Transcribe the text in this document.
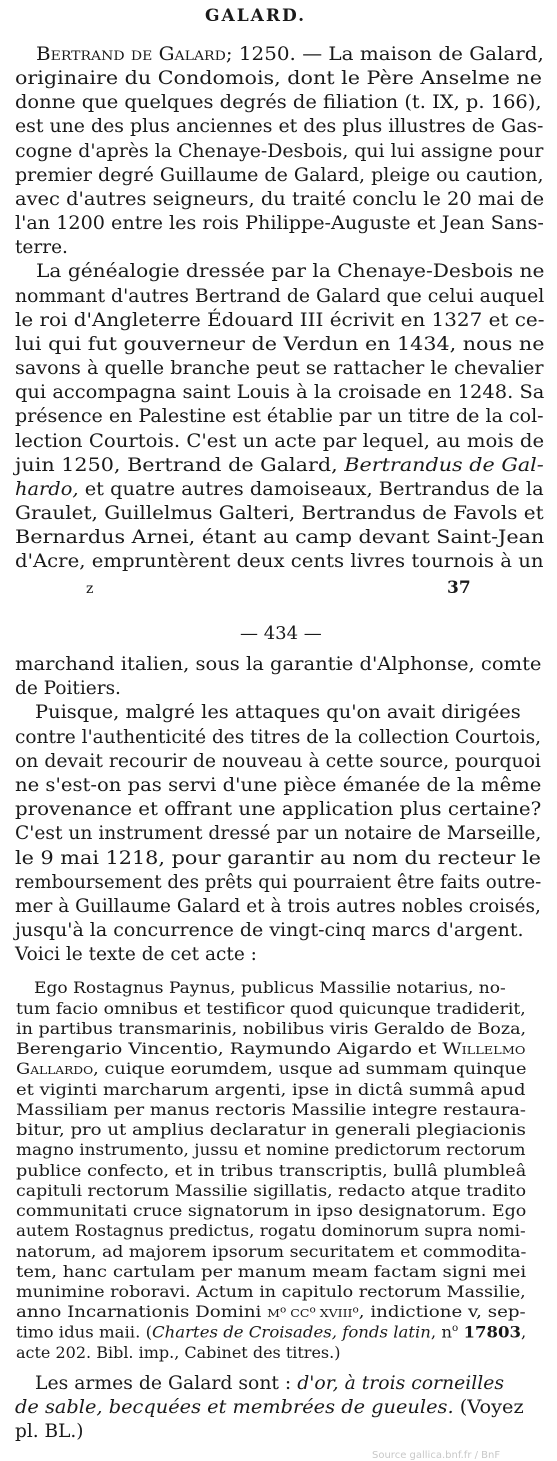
GALARD.
Bertrand de Galard; 1250. — La maison de Galard,
originaire du Condomois, dont le Père Anselme ne
donne que quelques degrés de filiation (t. IX, p. 166),
est une des plus anciennes et des plus illustres de Gas-
cogne d'après la Chenaye-Desbois, qui lui assigne pour
premier degré Guillaume de Galard, pleige ou caution,
avec d'autres seigneurs, du traité conclu le 20 mai de
l'an 1200 entre les rois Philippe-Auguste et Jean Sans-
terre.
La généalogie dressée par la Chenaye-Desbois ne
nommant d'autres Bertrand de Galard que celui auquel
le roi d'Angleterre Édouard III écrivit en 1327 et ce-
lui qui fut gouverneur de Verdun en 1434, nous ne
savons à quelle branche peut se rattacher le chevalier
qui accompagna saint Louis à la croisade en 1248. Sa
présence en Palestine est établie par un titre de la col-
lection Courtois. C'est un acte par lequel, au mois de
juin 1250, Bertrand de Galard, Bertrandus de Gal-
hardo, et quatre autres damoiseaux, Bertrandus de la
Graulet, Guillelmus Galteri, Bertrandus de Favols et
Bernardus Arnei, étant au camp devant Saint-Jean
d'Acre, empruntèrent deux cents livres tournois à un
z	37
— 434 —
marchand italien, sous la garantie d'Alphonse, comte
de Poitiers.
Puisque, malgré les attaques qu'on avait dirigées
contre l'authenticité des titres de la collection Courtois,
on devait recourir de nouveau à cette source, pourquoi
ne s'est-on pas servi d'une pièce émanée de la même
provenance et offrant une application plus certaine?
C'est un instrument dressé par un notaire de Marseille,
le 9 mai 1218, pour garantir au nom du recteur le
remboursement des prêts qui pourraient être faits outre-
mer à Guillaume Galard et à trois autres nobles croisés,
jusqu'à la concurrence de vingt-cinq marcs d'argent.
Voici le texte de cet acte :
Ego Rostagnus Paynus, publicus Massilie notarius, no-
tum facio omnibus et testificor quod quicunque tradiderit,
in partibus transmarinis, nobilibus viris Geraldo de Boza,
Berengario Vincentio, Raymundo Aigardo et Willelmo
Gallardo, cuique eorumdem, usque ad summam quinque
et viginti marcharum argenti, ipse in dictâ summâ apud
Massiliam per manus rectoris Massilie integre restaura-
bitur, pro ut amplius declaratur in generali plegiacionis
magno instrumento, jussu et nomine predictorum rectorum
publice confecto, et in tribus transcriptis, bullâ plumbleâ
capituli rectorum Massilie sigillatis, redacto atque tradito
communitati cruce signatorum in ipso designatorum. Ego
autem Rostagnus predictus, rogatu dominorum supra nomi-
natorum, ad majorem ipsorum securitatem et commodita-
tem, hanc cartulam per manum meam factam signi mei
munimine roboravi. Actum in capitulo rectorum Massilie,
anno Incarnationis Domini $M^o$ $CC^o$ XVIII$^o$, indictione v, sep-
timo idus maii. (Chartes de Croisades, fonds latin, $n^o$ 17803,
acte 202. Bibl. imp., Cabinet des titres.)
Les armes de Galard sont : d'or, à trois corneilles
de sable, becquées et membrées de gueules. (Voyez
pl. BL.)
Source gallica.bnf.fr / BnF
